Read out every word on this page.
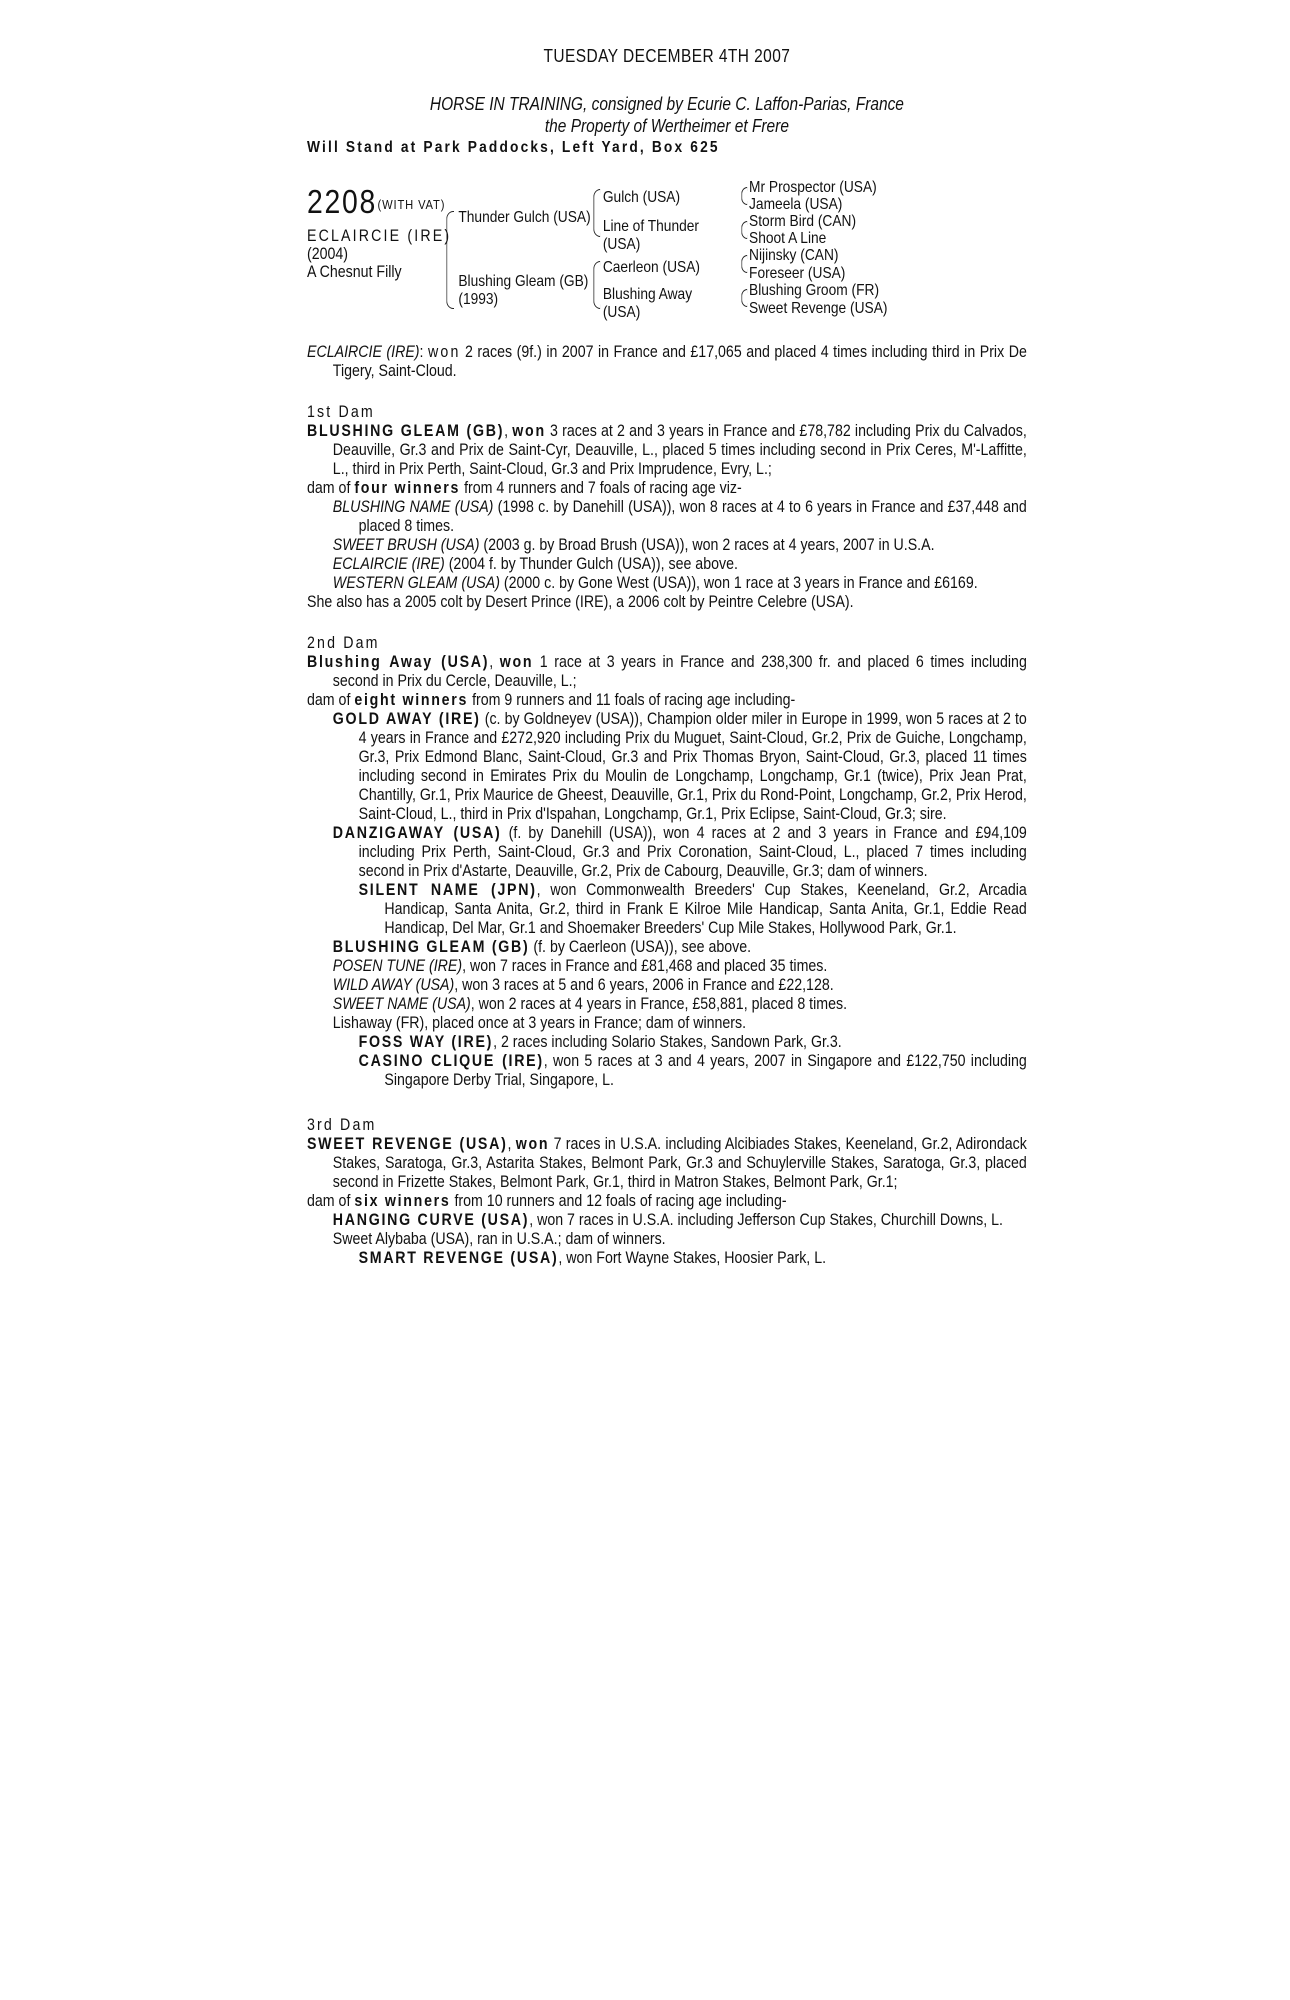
TUESDAY DECEMBER 4TH 2007
HORSE IN TRAINING, consigned by Ecurie C. Laffon-Parias, France
the Property of Wertheimer et Frere
Will Stand at Park Paddocks, Left Yard, Box 625
2208 (WITH VAT)
ECLAIRCIE (IRE)
(2004)
A Chesnut Filly
Thunder Gulch (USA)
Blushing Gleam (GB)
(1993)
Gulch (USA)
Line of Thunder
(USA)
Caerleon (USA)
Blushing Away
(USA)
Mr Prospector (USA)
Jameela (USA)
Storm Bird (CAN)
Shoot A Line
Nijinsky (CAN)
Foreseer (USA)
Blushing Groom (FR)
Sweet Revenge (USA)
ECLAIRCIE (IRE): won 2 races (9f.) in 2007 in France and £17,065 and placed 4 times including third in Prix De Tigery, Saint-Cloud.
1st Dam
BLUSHING GLEAM (GB), won 3 races at 2 and 3 years in France and £78,782 including Prix du Calvados, Deauville, Gr.3 and Prix de Saint-Cyr, Deauville, L., placed 5 times including second in Prix Ceres, M'-Laffitte, L., third in Prix Perth, Saint-Cloud, Gr.3 and Prix Imprudence, Evry, L.;
dam of four winners from 4 runners and 7 foals of racing age viz-
BLUSHING NAME (USA) (1998 c. by Danehill (USA)), won 8 races at 4 to 6 years in France and £37,448 and placed 8 times.
SWEET BRUSH (USA) (2003 g. by Broad Brush (USA)), won 2 races at 4 years, 2007 in U.S.A.
ECLAIRCIE (IRE) (2004 f. by Thunder Gulch (USA)), see above.
WESTERN GLEAM (USA) (2000 c. by Gone West (USA)), won 1 race at 3 years in France and £6169.
She also has a 2005 colt by Desert Prince (IRE), a 2006 colt by Peintre Celebre (USA).
2nd Dam
Blushing Away (USA), won 1 race at 3 years in France and 238,300 fr. and placed 6 times including second in Prix du Cercle, Deauville, L.;
dam of eight winners from 9 runners and 11 foals of racing age including-
GOLD AWAY (IRE) (c. by Goldneyev (USA)), Champion older miler in Europe in 1999, won 5 races at 2 to 4 years in France and £272,920 including Prix du Muguet, Saint-Cloud, Gr.2, Prix de Guiche, Longchamp, Gr.3, Prix Edmond Blanc, Saint-Cloud, Gr.3 and Prix Thomas Bryon, Saint-Cloud, Gr.3, placed 11 times including second in Emirates Prix du Moulin de Longchamp, Longchamp, Gr.1 (twice), Prix Jean Prat, Chantilly, Gr.1, Prix Maurice de Gheest, Deauville, Gr.1, Prix du Rond-Point, Longchamp, Gr.2, Prix Herod, Saint-Cloud, L., third in Prix d'Ispahan, Longchamp, Gr.1, Prix Eclipse, Saint-Cloud, Gr.3; sire.
DANZIGAWAY (USA) (f. by Danehill (USA)), won 4 races at 2 and 3 years in France and £94,109 including Prix Perth, Saint-Cloud, Gr.3 and Prix Coronation, Saint-Cloud, L., placed 7 times including second in Prix d'Astarte, Deauville, Gr.2, Prix de Cabourg, Deauville, Gr.3; dam of winners.
SILENT NAME (JPN), won Commonwealth Breeders' Cup Stakes, Keeneland, Gr.2, Arcadia Handicap, Santa Anita, Gr.2, third in Frank E Kilroe Mile Handicap, Santa Anita, Gr.1, Eddie Read Handicap, Del Mar, Gr.1 and Shoemaker Breeders' Cup Mile Stakes, Hollywood Park, Gr.1.
BLUSHING GLEAM (GB) (f. by Caerleon (USA)), see above.
POSEN TUNE (IRE), won 7 races in France and £81,468 and placed 35 times.
WILD AWAY (USA), won 3 races at 5 and 6 years, 2006 in France and £22,128.
SWEET NAME (USA), won 2 races at 4 years in France, £58,881, placed 8 times.
Lishaway (FR), placed once at 3 years in France; dam of winners.
FOSS WAY (IRE), 2 races including Solario Stakes, Sandown Park, Gr.3.
CASINO CLIQUE (IRE), won 5 races at 3 and 4 years, 2007 in Singapore and £122,750 including Singapore Derby Trial, Singapore, L.
3rd Dam
SWEET REVENGE (USA), won 7 races in U.S.A. including Alcibiades Stakes, Keeneland, Gr.2, Adirondack Stakes, Saratoga, Gr.3, Astarita Stakes, Belmont Park, Gr.3 and Schuylerville Stakes, Saratoga, Gr.3, placed second in Frizette Stakes, Belmont Park, Gr.1, third in Matron Stakes, Belmont Park, Gr.1;
dam of six winners from 10 runners and 12 foals of racing age including-
HANGING CURVE (USA), won 7 races in U.S.A. including Jefferson Cup Stakes, Churchill Downs, L.
Sweet Alybaba (USA), ran in U.S.A.; dam of winners.
SMART REVENGE (USA), won Fort Wayne Stakes, Hoosier Park, L.
